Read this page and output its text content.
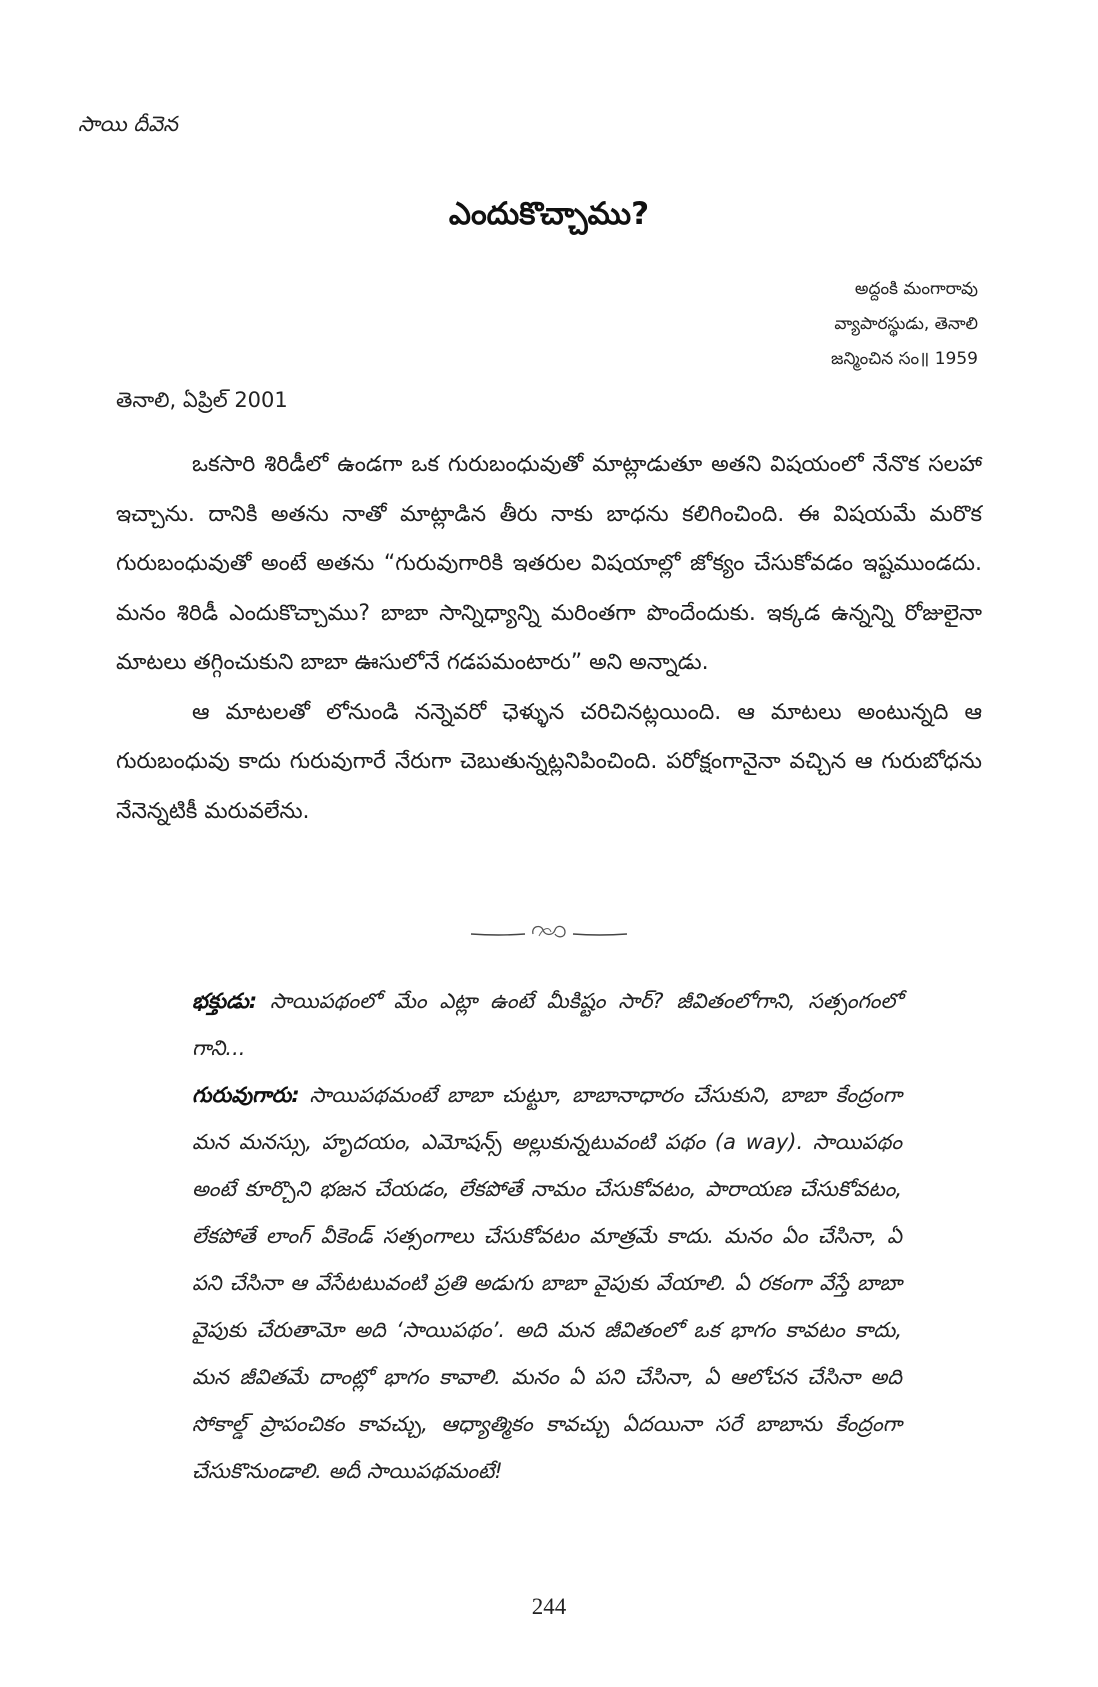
సాయి దీవెన
ఎందుకొచ్చాము?
అద్దంకి మంగారావు
వ్యాపారస్థుడు, తెనాలి
జన్మించిన సం॥ 1959
తెనాలి, ఏప్రిల్ 2001

ఒకసారి శిరిడీలో ఉండగా ఒక గురుబంధువుతో మాట్లాడుతూ అతని విషయంలో నేనొక సలహా ఇచ్చాను. దానికి అతను నాతో మాట్లాడిన తీరు నాకు బాధను కలిగించింది. ఈ విషయమే మరొక గురుబంధువుతో అంటే అతను “గురువుగారికి ఇతరుల విషయాల్లో జోక్యం చేసుకోవడం ఇష్టముండదు. మనం శిరిడీ ఎందుకొచ్చాము? బాబా సాన్నిధ్యాన్ని మరింతగా పొందేందుకు. ఇక్కడ ఉన్నన్ని రోజులైనా మాటలు తగ్గించుకుని బాబా ఊసులోనే గడపమంటారు” అని అన్నాడు.

ఆ మాటలతో లోనుండి నన్నెవరో ఛెళ్ళున చరిచినట్లయింది. ఆ మాటలు అంటున్నది ఆ గురుబంధువు కాదు గురువుగారే నేరుగా చెబుతున్నట్లనిపించింది. పరోక్షంగానైనా వచ్చిన ఆ గురుబోధను నేనెన్నటికీ మరువలేను.

భక్తుడు: సాయిపథంలో మేం ఎట్లా ఉంటే మీకిష్టం సార్? జీవితంలోగాని, సత్సంగంలో గాని...

గురువుగారు: సాయిపథమంటే బాబా చుట్టూ, బాబానాధారం చేసుకుని, బాబా కేంద్రంగా మన మనస్సు, హృదయం, ఎమోషన్స్ అల్లుకున్నటువంటి పథం (a way). సాయిపథం అంటే కూర్చొని భజన చేయడం, లేకపోతే నామం చేసుకోవటం, పారాయణ చేసుకోవటం, లేకపోతే లాంగ్ వీకెండ్ సత్సంగాలు చేసుకోవటం మాత్రమే కాదు. మనం ఏం చేసినా, ఏ పని చేసినా ఆ వేసేటటువంటి ప్రతి అడుగు బాబా వైపుకు వేయాలి. ఏ రకంగా వేస్తే బాబా వైపుకు చేరుతామో అది ‘సాయిపథం’. అది మన జీవితంలో ఒక భాగం కావటం కాదు, మన జీవితమే దాంట్లో భాగం కావాలి. మనం ఏ పని చేసినా, ఏ ఆలోచన చేసినా అది సోకాల్డ్ ప్రాపంచికం కావచ్చు, ఆధ్యాత్మికం కావచ్చు ఏదయినా సరే బాబాను కేంద్రంగా చేసుకొనుండాలి. అదీ సాయిపథమంటే!

244
